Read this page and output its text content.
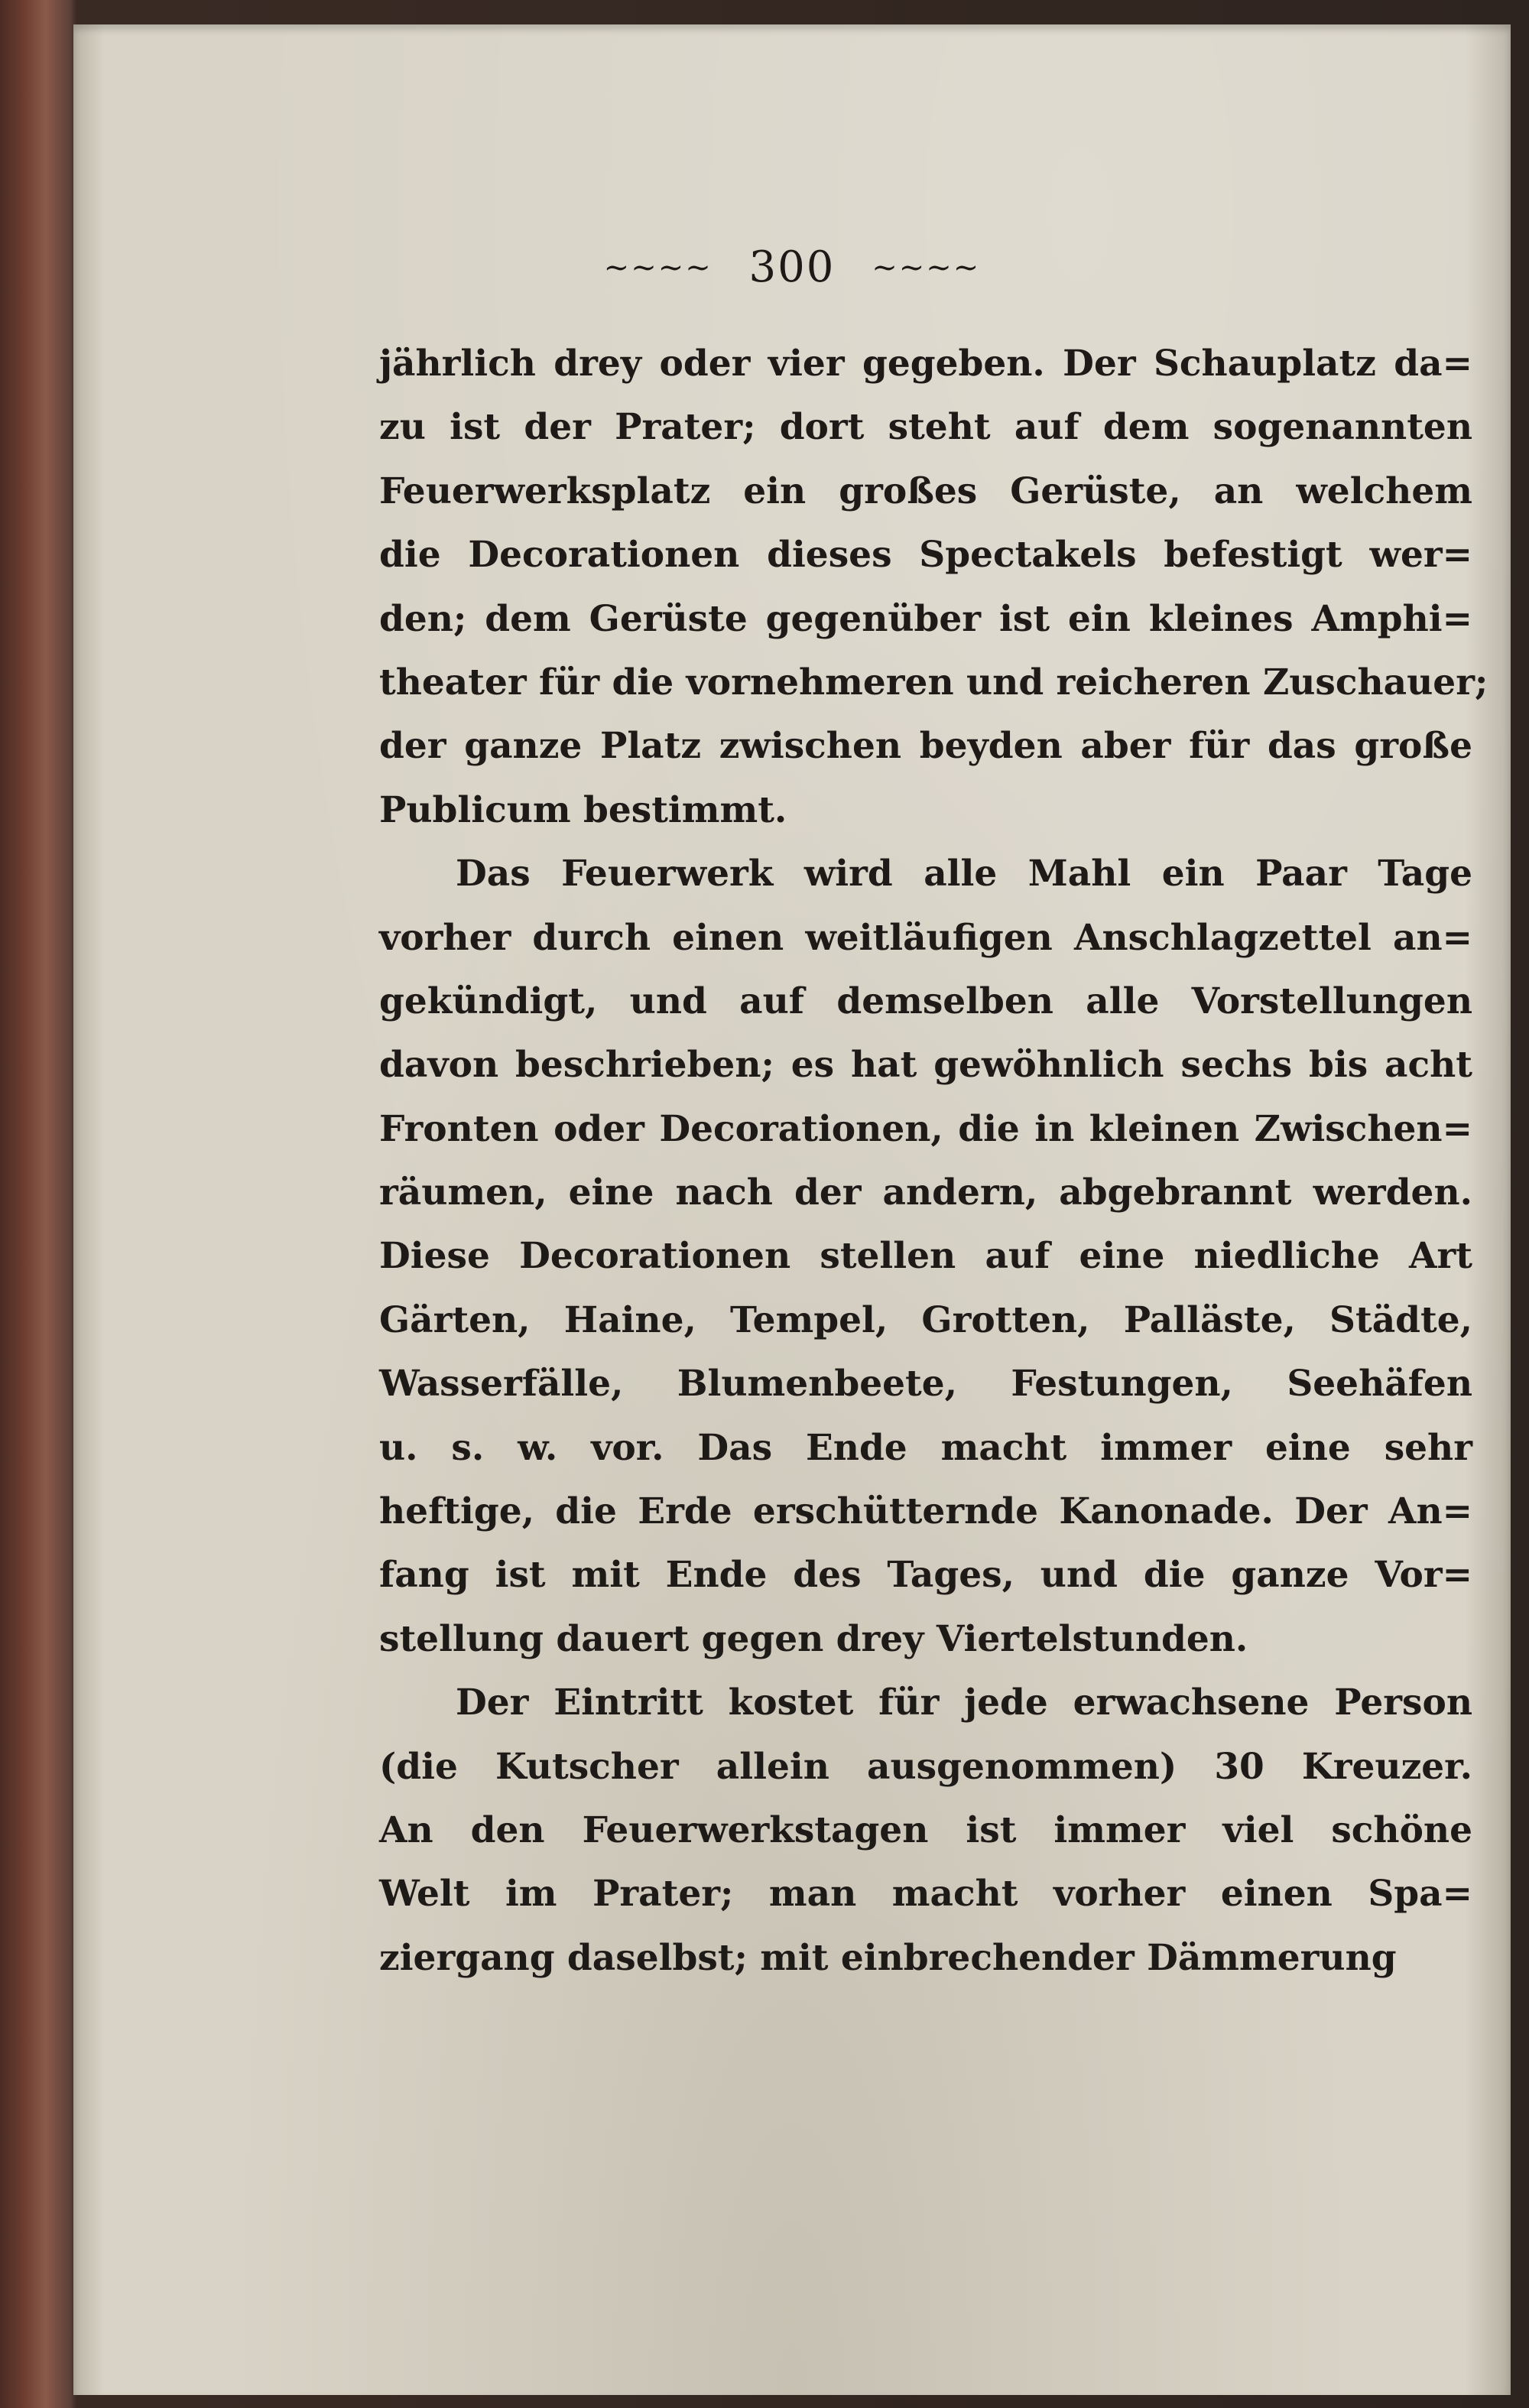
~~~~ 300 ~~~~
jährlich drey oder vier gegeben. Der Schauplatz da=
zu ist der Prater; dort steht auf dem sogenannten
Feuerwerksplatz ein großes Gerüste, an welchem
die Decorationen dieses Spectakels befestigt wer=
den; dem Gerüste gegenüber ist ein kleines Amphi=
theater für die vornehmeren und reicheren Zuschauer;
der ganze Platz zwischen beyden aber für das große
Publicum bestimmt.
Das Feuerwerk wird alle Mahl ein Paar Tage
vorher durch einen weitläufigen Anschlagzettel an=
gekündigt, und auf demselben alle Vorstellungen
davon beschrieben; es hat gewöhnlich sechs bis acht
Fronten oder Decorationen, die in kleinen Zwischen=
räumen, eine nach der andern, abgebrannt werden.
Diese Decorationen stellen auf eine niedliche Art
Gärten, Haine, Tempel, Grotten, Palläste, Städte,
Wasserfälle, Blumenbeete, Festungen, Seehäfen
u. s. w. vor. Das Ende macht immer eine sehr
heftige, die Erde erschütternde Kanonade. Der An=
fang ist mit Ende des Tages, und die ganze Vor=
stellung dauert gegen drey Viertelstunden.
Der Eintritt kostet für jede erwachsene Person
(die Kutscher allein ausgenommen) 30 Kreuzer.
An den Feuerwerkstagen ist immer viel schöne
Welt im Prater; man macht vorher einen Spa=
ziergang daselbst; mit einbrechender Dämmerung
